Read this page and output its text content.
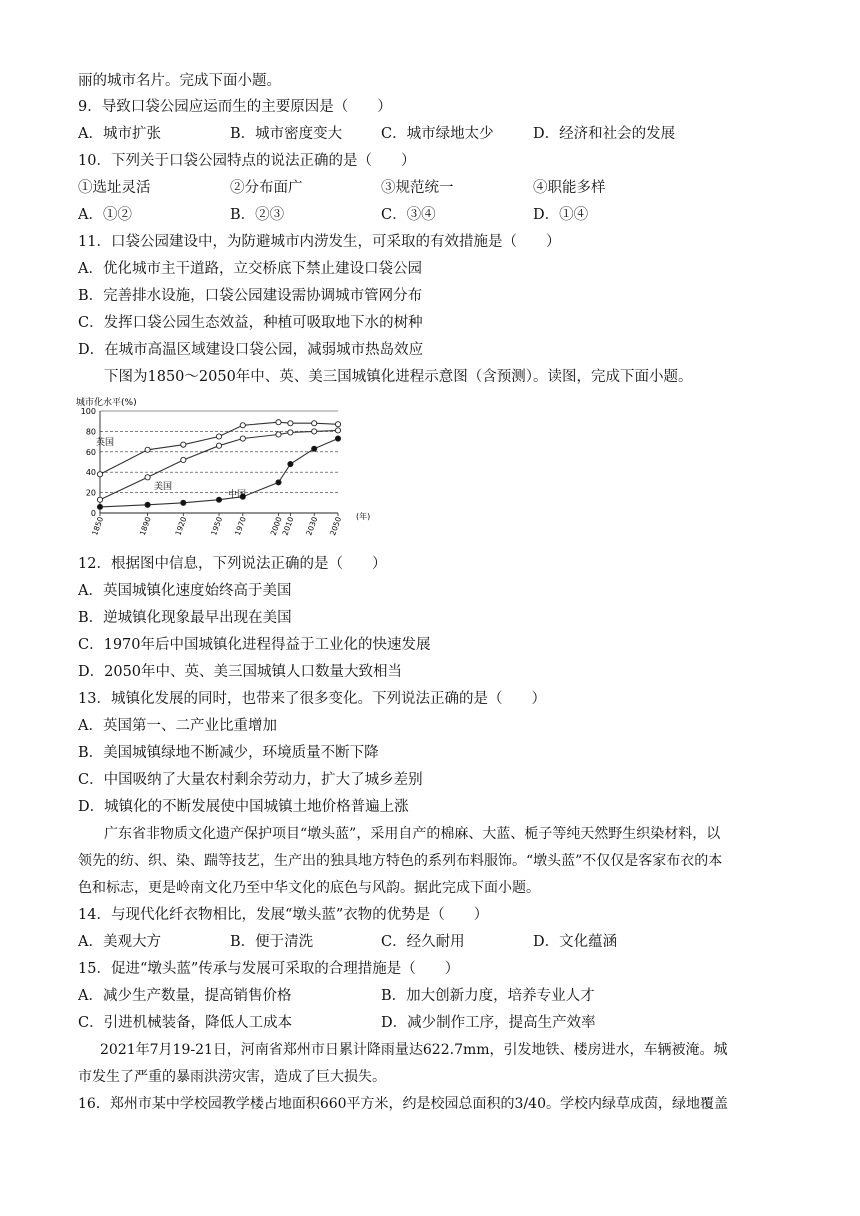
丽的城市名片。完成下面小题。
9．导致口袋公园应运而生的主要原因是（　　）
A．城市扩张	B．城市密度变大	C．城市绿地太少	D．经济和社会的发展
10．下列关于口袋公园特点的说法正确的是（　　）
①选址灵活	②分布面广	③规范统一	④职能多样
A．①②	B．②③	C．③④	D．①④
11．口袋公园建设中，为防避城市内涝发生，可采取的有效措施是（　　）
A．优化城市主干道路，立交桥底下禁止建设口袋公园
B．完善排水设施，口袋公园建设需协调城市管网分布
C．发挥口袋公园生态效益，种植可吸取地下水的树种
D．在城市高温区域建设口袋公园，减弱城市热岛效应
下图为1850～2050年中、英、美三国城镇化进程示意图（含预测）。读图，完成下面小题。
城市化水平(%)
0
20
40
60
80
100
1850	1890	1920	1950 1970	2000
2010 2030 2050 (年)
英国
美国
中国
12．根据图中信息，下列说法正确的是（　　）
A．英国城镇化速度始终高于美国
B．逆城镇化现象最早出现在美国
C．1970年后中国城镇化进程得益于工业化的快速发展
D．2050年中、英、美三国城镇人口数量大致相当
13．城镇化发展的同时，也带来了很多变化。下列说法正确的是（　　）
A．英国第一、二产业比重增加
B．美国城镇绿地不断减少，环境质量不断下降
C．中国吸纳了大量农村剩余劳动力，扩大了城乡差别
D．城镇化的不断发展使中国城镇土地价格普遍上涨
广东省非物质文化遗产保护项目“墩头蓝”，采用自产的棉麻、大蓝、栀子等纯天然野生织染材料，以
领先的纺、织、染、踹等技艺，生产出的独具地方特色的系列布料服饰。“墩头蓝”不仅仅是客家布衣的本
色和标志，更是岭南文化乃至中华文化的底色与风韵。据此完成下面小题。
14．与现代化纤衣物相比，发展“墩头蓝”衣物的优势是（　　）
A．美观大方	B．便于清洗	C．经久耐用	D．文化蕴涵
15．促进“墩头蓝”传承与发展可采取的合理措施是（　　）
A．减少生产数量，提高销售价格	B．加大创新力度，培养专业人才
C．引进机械装备，降低人工成本	D．减少制作工序，提高生产效率
2021年7月19-21日，河南省郑州市日累计降雨量达622.7mm，引发地铁、楼房进水，车辆被淹。城
市发生了严重的暴雨洪涝灾害，造成了巨大损失。
16．郑州市某中学校园教学楼占地面积660平方米，约是校园总面积的3/40。学校内绿草成茵，绿地覆盖
